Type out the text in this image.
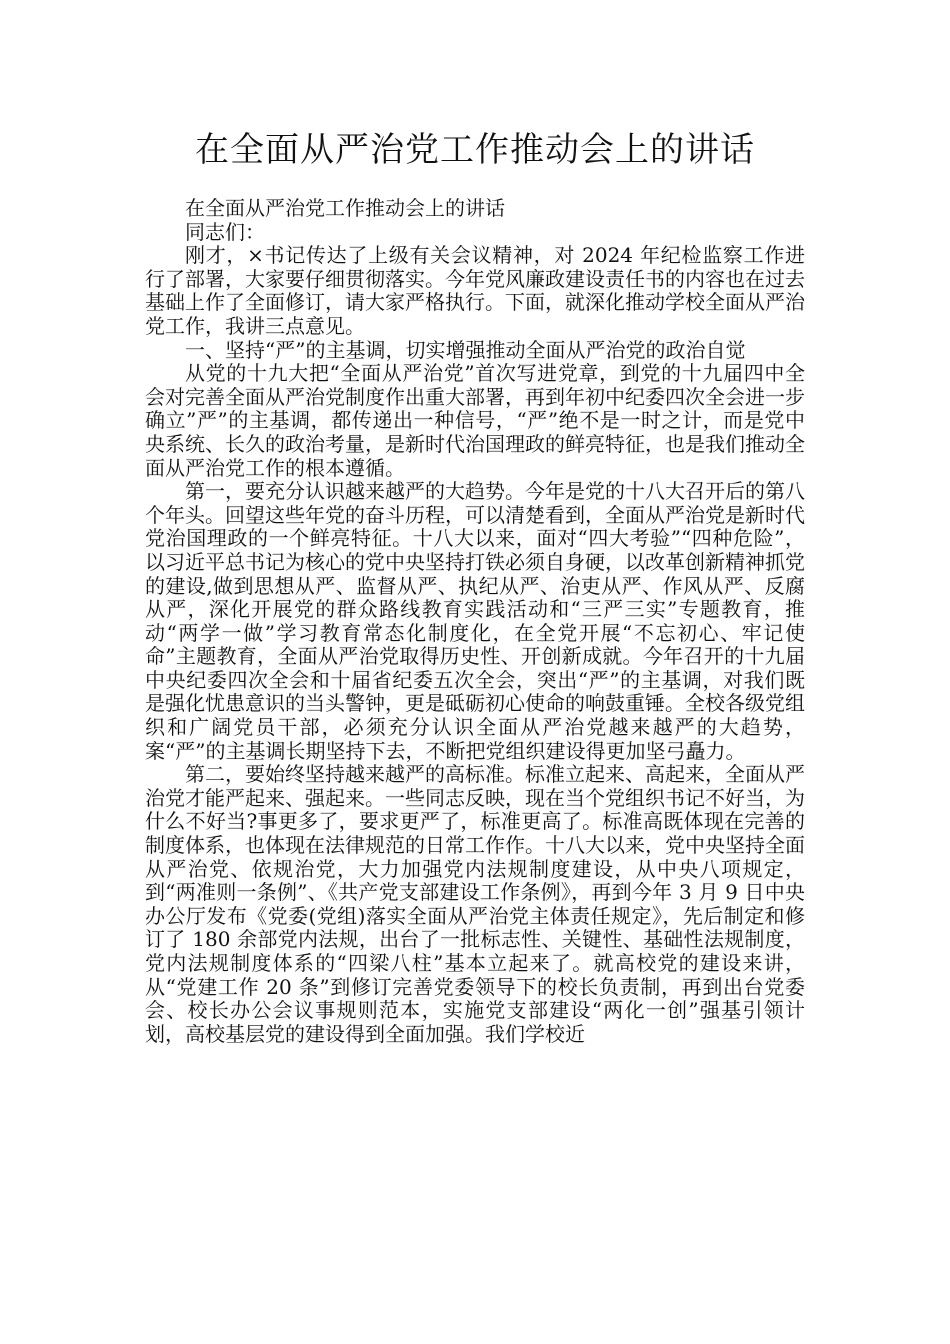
在全面从严治党工作推动会上的讲话

在全面从严治党工作推动会上的讲话

同志们：

刚才，×书记传达了上级有关会议精神，对 2024 年纪检监察工作进行了部署，大家要仔细贯彻落实。今年党风廉政建设责任书的内容也在过去基础上作了全面修订，请大家严格执行。下面，就深化推动学校全面从严治党工作，我讲三点意见。

一、坚持“严”的主基调，切实增强推动全面从严治党的政治自觉

从党的十九大把“全面从严治党”首次写进党章，到党的十九届四中全会对完善全面从严治党制度作出重大部署，再到年初中纪委四次全会进一步确立”严”的主基调，都传递出一种信号，“严”绝不是一时之计，而是党中央系统、长久的政治考量，是新时代治国理政的鲜亮特征，也是我们推动全面从严治党工作的根本遵循。

第一，要充分认识越来越严的大趋势。今年是党的十八大召开后的第八个年头。回望这些年党的奋斗历程，可以清楚看到，全面从严治党是新时代党治国理政的一个鲜亮特征。十八大以来，面对“四大考验”“四种危险”，以习近平总书记为核心的党中央坚持打铁必须自身硬，以改革创新精神抓党的建设,做到思想从严、监督从严、执纪从严、治吏从严、作风从严、反腐从严，深化开展党的群众路线教育实践活动和“三严三实”专题教育，推动“两学一做”学习教育常态化制度化，在全党开展“不忘初心、牢记使命”主题教育，全面从严治党取得历史性、开创新成就。今年召开的十九届中央纪委四次全会和十届省纪委五次全会，突出“严”的主基调，对我们既是强化忧患意识的当头警钟，更是砥砺初心使命的响鼓重锤。全校各级党组织和广阔党员干部，必须充分认识全面从严治党越来越严的大趋势，案“严”的主基调长期坚持下去，不断把党组织建设得更加坚弓矗力。

第二，要始终坚持越来越严的高标准。标准立起来、高起来，全面从严治党才能严起来、强起来。一些同志反映，现在当个党组织书记不好当，为什么不好当?事更多了，要求更严了，标准更高了。标准高既体现在完善的制度体系，也体现在法律规范的日常工作作。十八大以来，党中央坚持全面从严治党、依规治党，大力加强党内法规制度建设，从中央八项规定，到“两准则一条例”、《共产党支部建设工作条例》，再到今年 3 月 9 日中央办公厅发布《党委(党组)落实全面从严治党主体责任规定》，先后制定和修订了 180 余部党内法规，出台了一批标志性、关键性、基础性法规制度，党内法规制度体系的“四梁八柱”基本立起来了。就高校党的建设来讲，从“党建工作 20 条”到修订完善党委领导下的校长负责制，再到出台党委会、校长办公会议事规则范本，实施党支部建设“两化一创”强基引领计划，高校基层党的建设得到全面加强。我们学校近
